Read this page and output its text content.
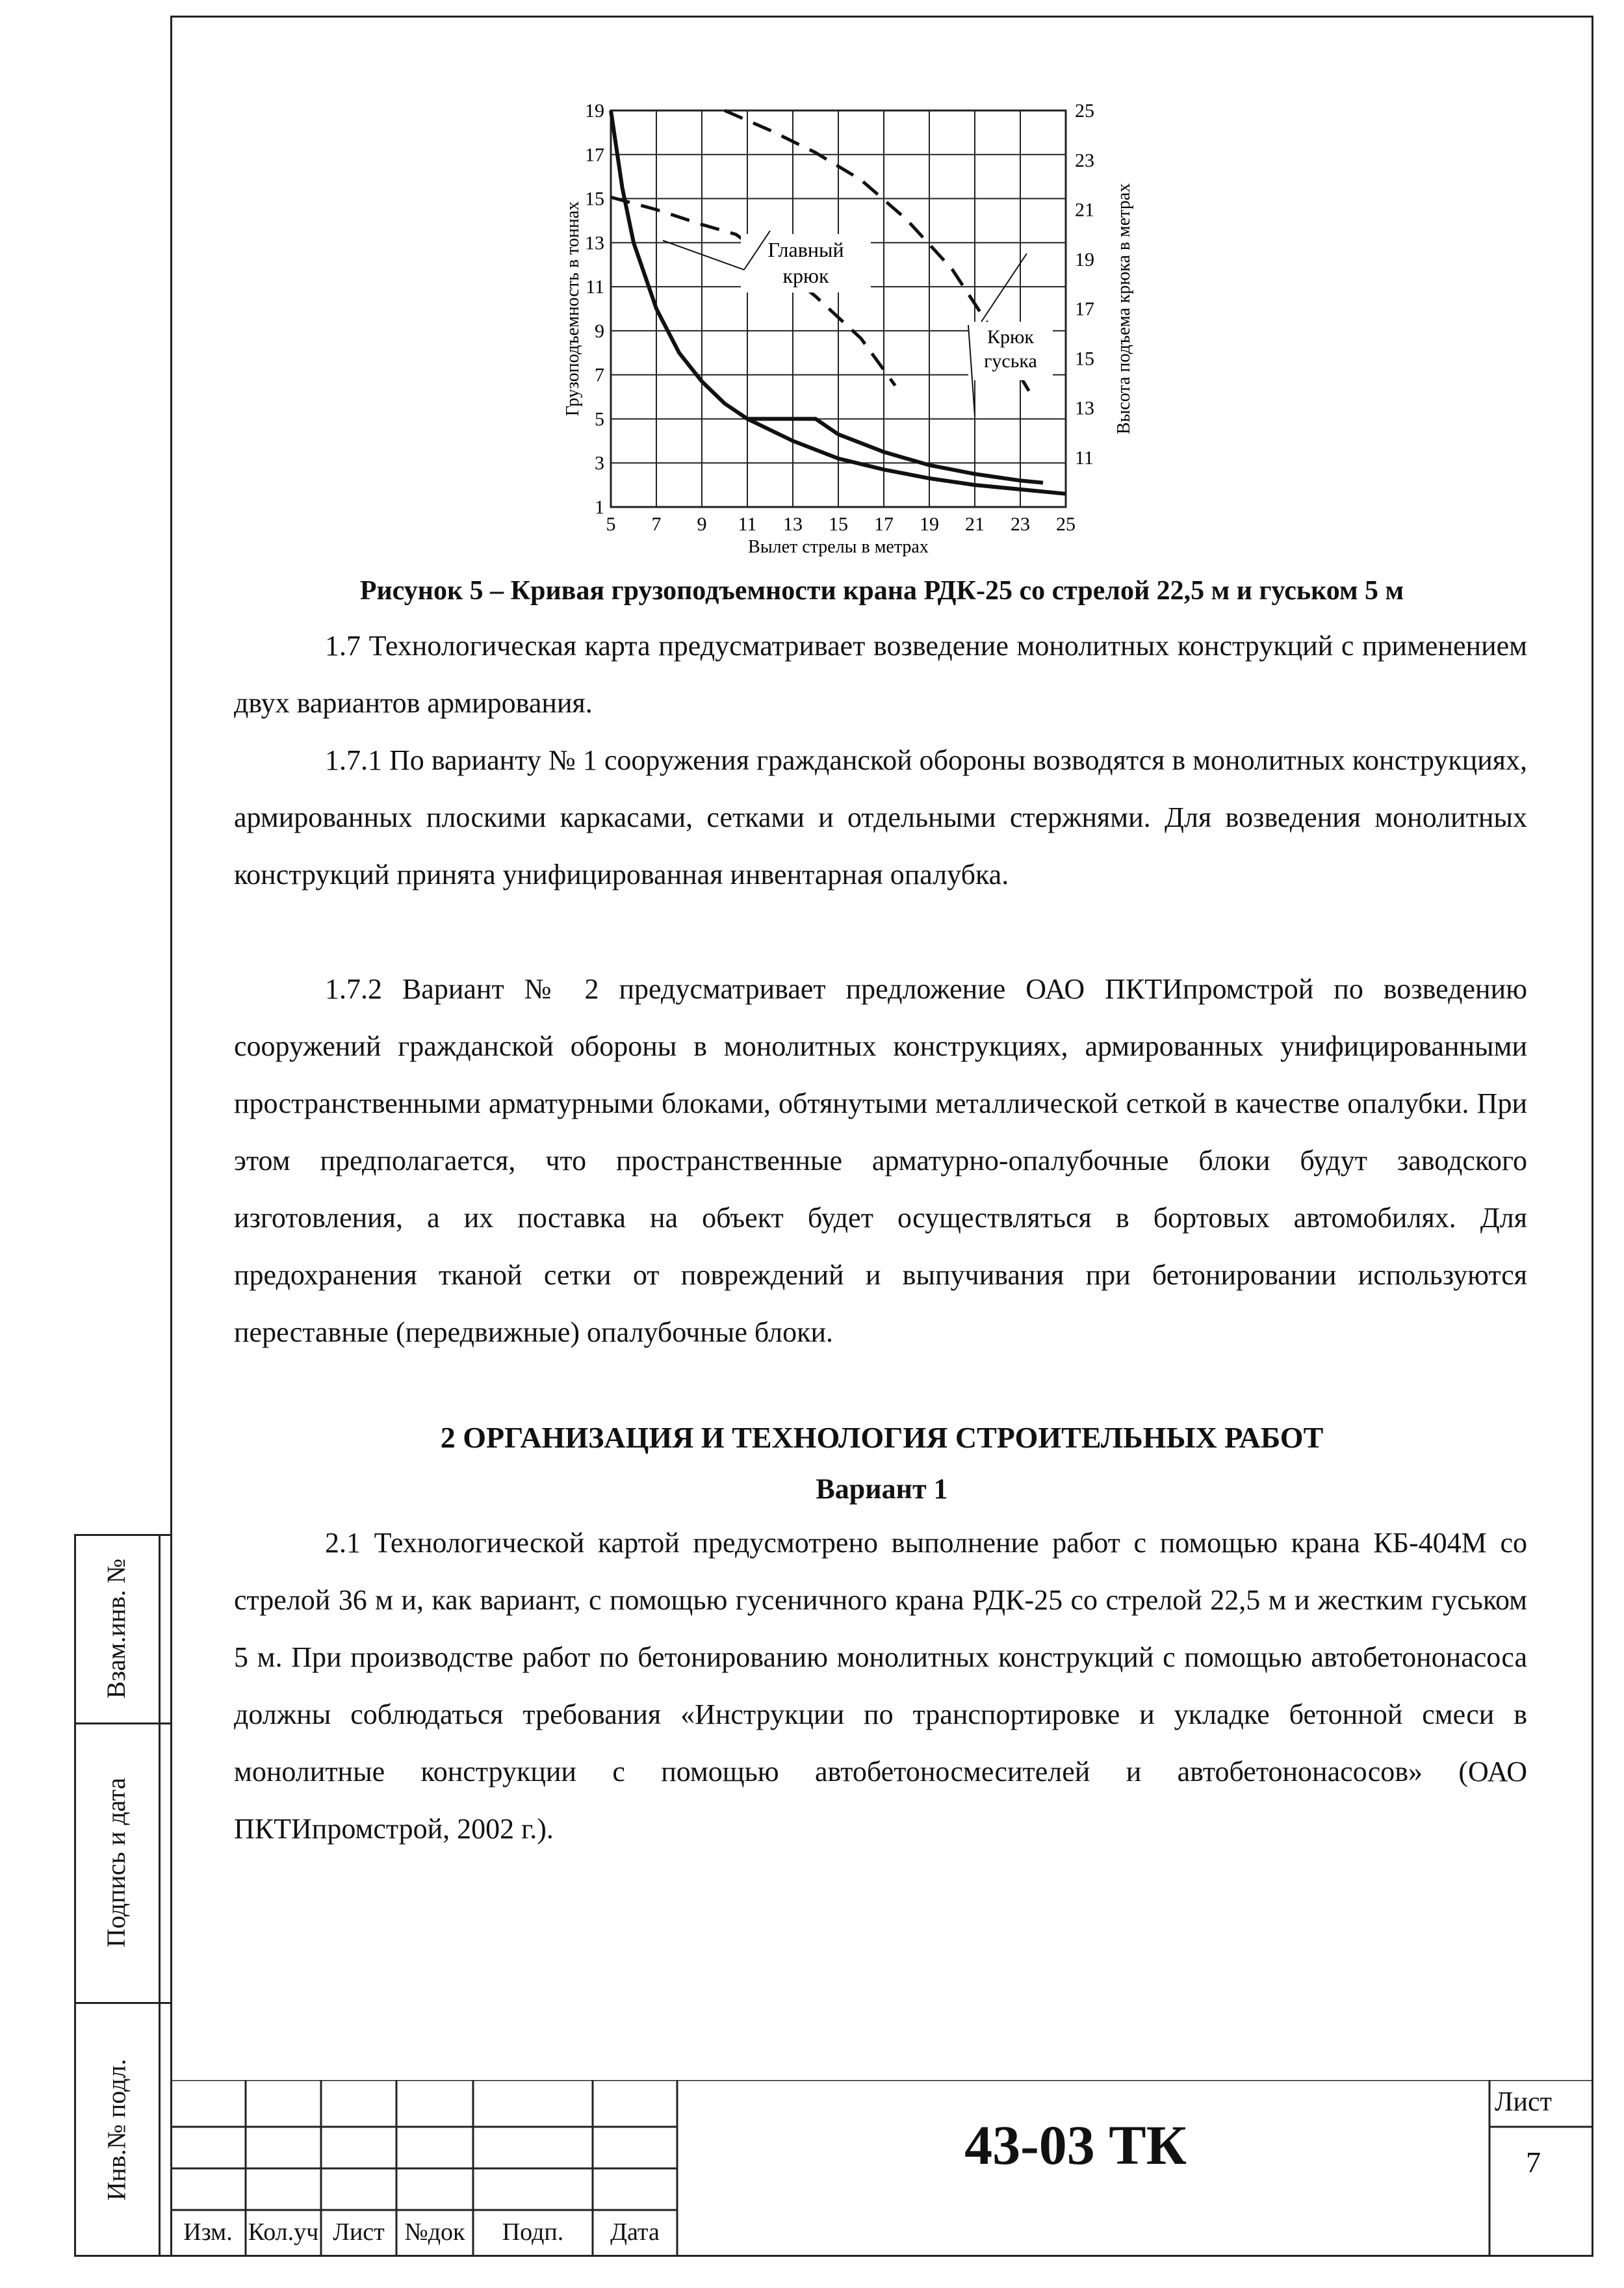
Взам.инв. №
Подпись и дата
Инв.№ подл.
5 7 9 11 13 15 17 19 21 23 25
1
3
5
7
9
11
13
15
17
19
11
13
15
17
19
21
23
25
Вылет стрелы в метрах
Грузоподъемность в тоннах	Высота подъема крюка в метрах
Главный
крюк
Крюк
гуська
Рисунок 5 – Кривая грузоподъемности крана РДК-25 со стрелой 22,5 м и гуськом 5 м

1.7 Технологическая карта предусматривает возведение монолитных конструкций с применением двух вариантов армирования.

1.7.1 По варианту № 1 сооружения гражданской обороны возводятся в монолитных конструкциях, армированных плоскими каркасами, сетками и отдельными стержнями. Для возведения монолитных конструкций принята унифицированная инвентарная опалубка.

1.7.2 Вариант № 2 предусматривает предложение ОАО ПКТИпромстрой по возведению сооружений гражданской обороны в монолитных конструкциях, армированных унифицированными пространственными арматурными блоками, обтянутыми металлической сеткой в качестве опалубки. При этом предполагается, что пространственные арматурно-опалубочные блоки будут заводского изготовления, а их поставка на объект будет осуществляться в бортовых автомобилях. Для предохранения тканой сетки от повреждений и выпучивания при бетонировании используются переставные (передвижные) опалубочные блоки.

2 ОРГАНИЗАЦИЯ И ТЕХНОЛОГИЯ СТРОИТЕЛЬНЫХ РАБОТ
Вариант 1

2.1 Технологической картой предусмотрено выполнение работ с помощью крана КБ-404М со стрелой 36 м и, как вариант, с помощью гусеничного крана РДК-25 со стрелой 22,5 м и жестким гуськом 5 м. При производстве работ по бетонированию монолитных конструкций с помощью автобетононасоса должны соблюдаться требования «Инструкции по транспортировке и укладке бетонной смеси в монолитные конструкции с помощью автобетоносмесителей и автобетононасосов» (ОАО ПКТИпромстрой, 2002 г.).

Изм. Кол.уч Лист №док	Подп.	Дата
43-03 ТК
Лист
7
